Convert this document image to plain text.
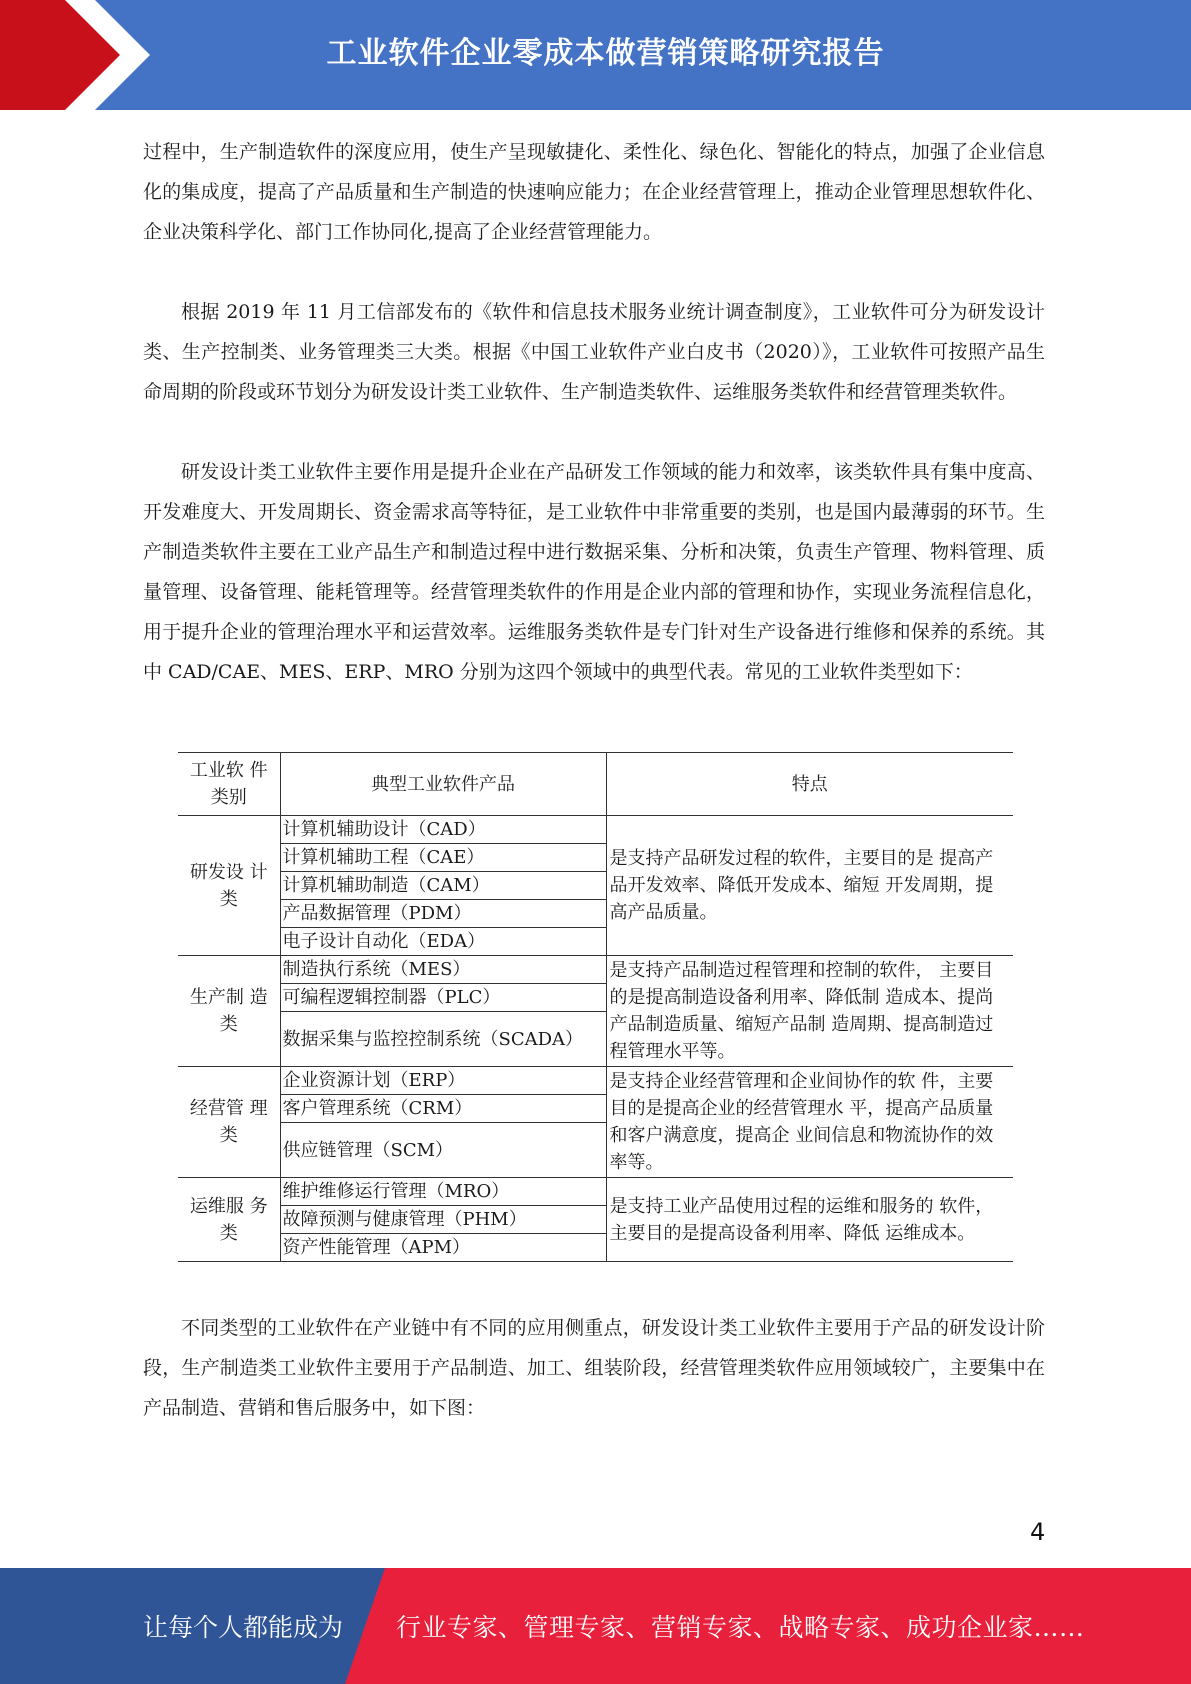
工业软件企业零成本做营销策略研究报告

过程中，生产制造软件的深度应用，使生产呈现敏捷化、柔性化、绿色化、智能化的特点，加强了企业信息化的集成度，提高了产品质量和生产制造的快速响应能力；在企业经营管理上，推动企业管理思想软件化、企业决策科学化、部门工作协同化,提高了企业经营管理能力。

根据 2019 年 11 月工信部发布的《软件和信息技术服务业统计调查制度》，工业软件可分为研发设计类、生产控制类、业务管理类三大类。根据《中国工业软件产业白皮书（2020）》，工业软件可按照产品生命周期的阶段或环节划分为研发设计类工业软件、生产制造类软件、运维服务类软件和经营管理类软件。

研发设计类工业软件主要作用是提升企业在产品研发工作领域的能力和效率，该类软件具有集中度高、开发难度大、开发周期长、资金需求高等特征，是工业软件中非常重要的类别，也是国内最薄弱的环节。生产制造类软件主要在工业产品生产和制造过程中进行数据采集、分析和决策，负责生产管理、物料管理、质量管理、设备管理、能耗管理等。经营管理类软件的作用是企业内部的管理和协作，实现业务流程信息化，用于提升企业的管理治理水平和运营效率。运维服务类软件是专门针对生产设备进行维修和保养的系统。其中 CAD/CAE、MES、ERP、MRO 分别为这四个领域中的典型代表。常见的工业软件类型如下：

工业软 件类别	典型工业软件产品	特点
研发设 计类	计算机辅助设计（CAD）	是支持产品研发过程的软件，主要目的是 提高产品开发效率、降低开发成本、缩短 开发周期，提高产品质量。
	计算机辅助工程（CAE）	
	计算机辅助制造（CAM）	
	产品数据管理（PDM）	
	电子设计自动化（EDA）	
生产制 造类	制造执行系统（MES）	是支持产品制造过程管理和控制的软件， 主要目的是提高制造设备利用率、降低制 造成本、提尚产品制造质量、缩短产品制 造周期、提高制造过程管理水平等。
	可编程逻辑控制器（PLC）	
	数据采集与监控控制系统（SCADA）	
经营管 理类	企业资源计划（ERP）	是支持企业经营管理和企业间协作的软 件，主要目的是提高企业的经营管理水 平，提高产品质量和客户满意度，提高企 业间信息和物流协作的效率等。
	客户管理系统（CRM）	
	供应链管理（SCM）	
运维服 务类	维护维修运行管理（MRO）	是支持工业产品使用过程的运维和服务的 软件，主要目的是提高设备利用率、降低 运维成本。
	故障预测与健康管理（PHM）	
	资产性能管理（APM）	

不同类型的工业软件在产业链中有不同的应用侧重点，研发设计类工业软件主要用于产品的研发设计阶段，生产制造类工业软件主要用于产品制造、加工、组装阶段，经营管理类软件应用领域较广，主要集中在产品制造、营销和售后服务中，如下图：

4
让每个人都能成为 行业专家、管理专家、营销专家、战略专家、成功企业家……
